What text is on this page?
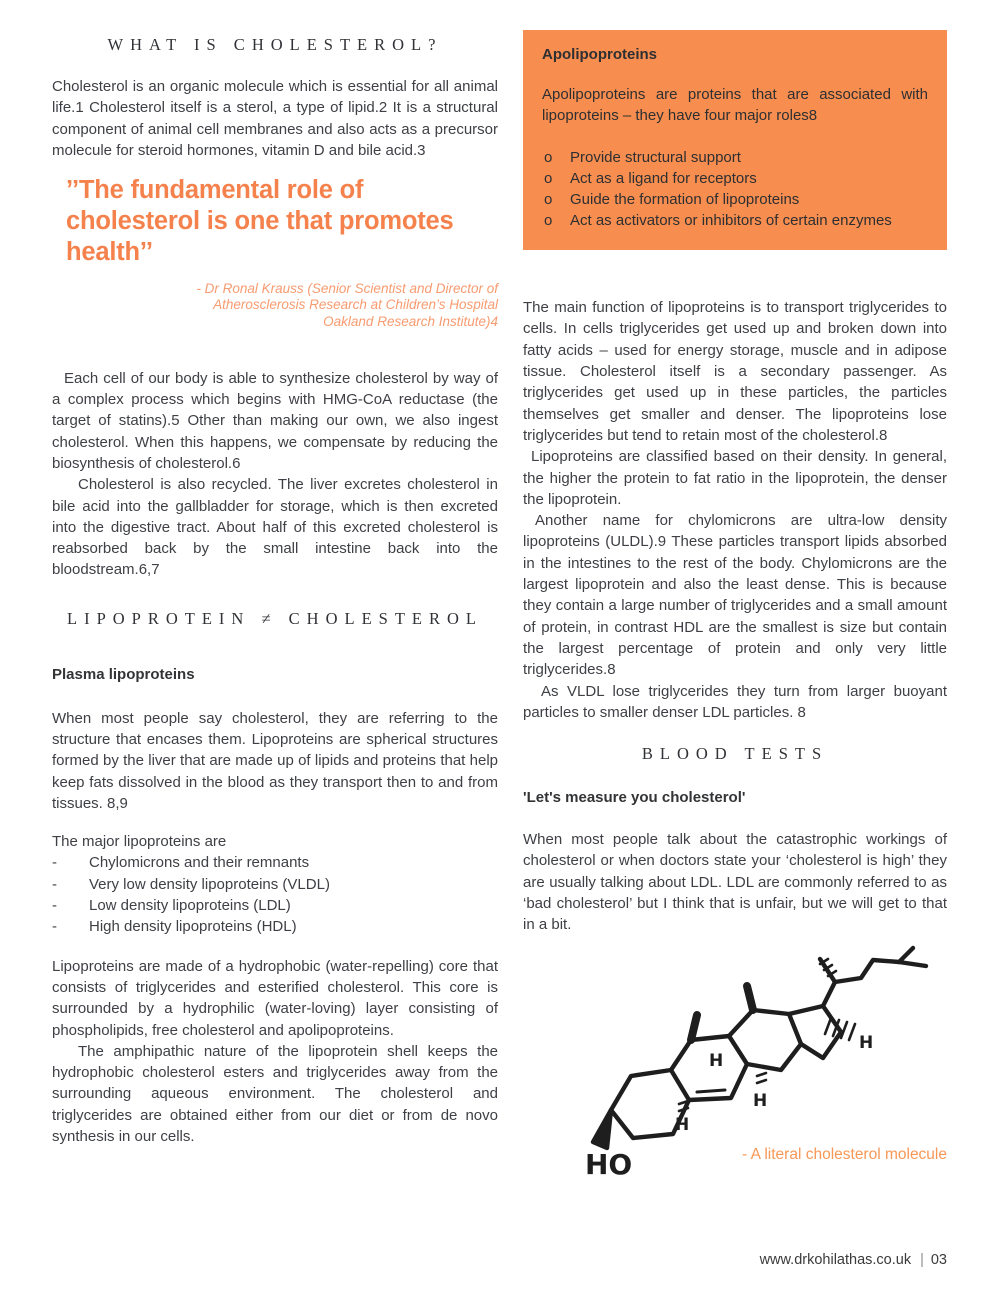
WHAT IS CHOLESTEROL?

Cholesterol is an organic molecule which is essential for all animal life.1 Cholesterol itself is a sterol, a type of lipid.2 It is a structural component of animal cell membranes and also acts as a precursor molecule for steroid hormones, vitamin D and bile acid.3

’’The fundamental role of cholesterol is one that promotes health’’
- Dr Ronal Krauss (Senior Scientist and Director of
Atherosclerosis Research at Children’s Hospital
Oakland Research Institute)4

Each cell of our body is able to synthesize cholesterol by way of a complex process which begins with HMG-CoA reductase (the target of statins).5 Other than making our own, we also ingest cholesterol. When this happens, we compensate by reducing the biosynthesis of cholesterol.6

Cholesterol is also recycled. The liver excretes cholesterol in bile acid into the gallbladder for storage, which is then excreted into the digestive tract. About half of this excreted cholesterol is reabsorbed back by the small intestine back into the bloodstream.6,7

LIPOPROTEIN ≠ CHOLESTEROL
Plasma lipoproteins

When most people say cholesterol, they are referring to the structure that encases them. Lipoproteins are spherical structures formed by the liver that are made up of lipids and proteins that help keep fats dissolved in the blood as they transport then to and from tissues. 8,9

The major lipoproteins are
-	Chylomicrons and their remnants
-	Very low density lipoproteins (VLDL)
-	Low density lipoproteins (LDL)
-	High density lipoproteins (HDL)

Lipoproteins are made of a hydrophobic (water-repelling) core that consists of triglycerides and esterified cholesterol. This core is surrounded by a hydrophilic (water-loving) layer consisting of phospholipids, free cholesterol and apolipoproteins.

The amphipathic nature of the lipoprotein shell keeps the hydrophobic cholesterol esters and triglycerides away from the surrounding aqueous environment. The cholesterol and triglycerides are obtained either from our diet or from de novo synthesis in our cells.

Apolipoproteins

Apolipoproteins are proteins that are associated with lipoproteins – they have four major roles8

o	Provide structural support
o	Act as a ligand for receptors
o	Guide the formation of lipoproteins
o	Act as activators or inhibitors of certain enzymes

The main function of lipoproteins is to transport triglycerides to cells. In cells triglycerides get used up and broken down into fatty acids – used for energy storage, muscle and in adipose tissue. Cholesterol itself is a secondary passenger. As triglycerides get used up in these particles, the particles themselves get smaller and denser. The lipoproteins lose triglycerides but tend to retain most of the cholesterol.8

Lipoproteins are classified based on their density. In general, the higher the protein to fat ratio in the lipoprotein, the denser the lipoprotein.

Another name for chylomicrons are ultra-low density lipoproteins (ULDL).9 These particles transport lipids absorbed in the intestines to the rest of the body. Chylomicrons are the largest lipoprotein and also the least dense. This is because they contain a large number of triglycerides and a small amount of protein, in contrast HDL are the smallest is size but contain the largest percentage of protein and only very little triglycerides.8

As VLDL lose triglycerides they turn from larger buoyant particles to smaller denser LDL particles. 8

BLOOD TESTS
'Let's measure you cholesterol'

When most people talk about the catastrophic workings of cholesterol or when doctors state your ‘cholesterol is high’ they are usually talking about LDL. LDL are commonly referred to as ‘bad cholesterol’ but I think that is unfair, but we will get to that in a bit.

HO
H
H
H
H
- A literal cholesterol molecule
www.drkohilathas.co.uk | 03
